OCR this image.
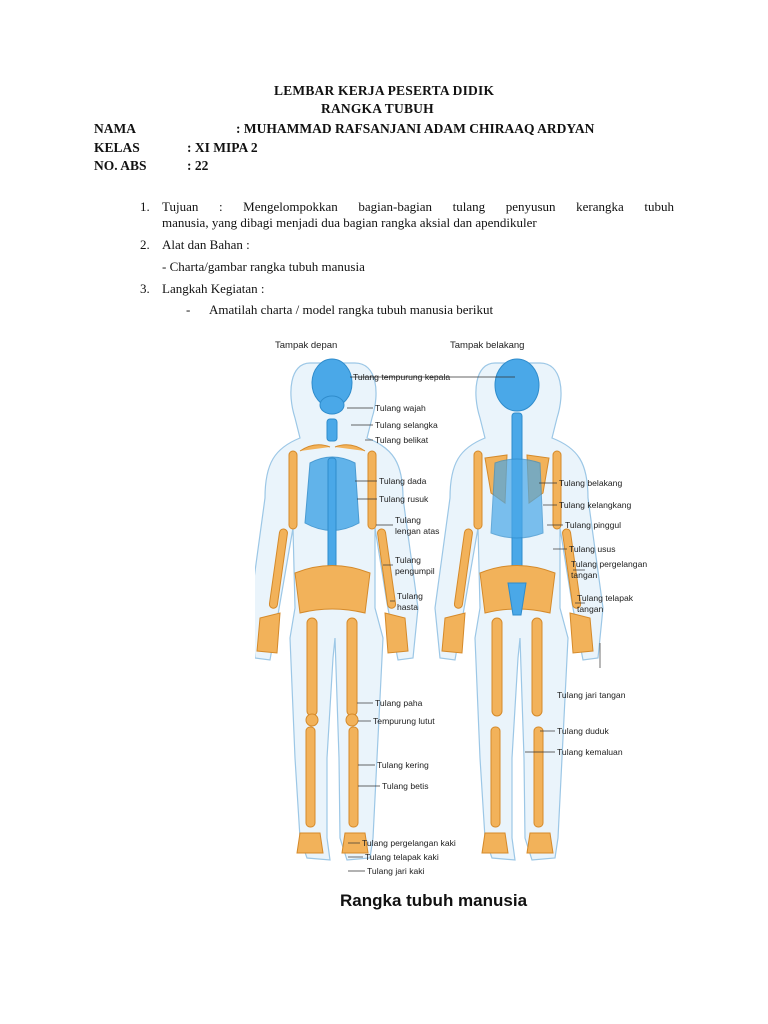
LEMBAR KERJA PESERTA DIDIK
RANGKA TUBUH
NAMA	: MUHAMMAD RAFSANJANI ADAM CHIRAAQ ARDYAN
KELAS	: XI MIPA 2
NO. ABS	: 22
1. Tujuan : Mengelompokkan bagian-bagian tulang penyusun kerangka tubuh
manusia, yang dibagi menjadi dua bagian rangka aksial dan apendikuler
2. Alat dan Bahan :
- Charta/gambar rangka tubuh manusia
3. Langkah Kegiatan :
- Amatilah charta / model rangka tubuh manusia berikut
Tampak depan	Tampak belakang
Tulang tempurung kepala
Tulang wajah
Tulang selangka
Tulang belikat
Tulang dada
Tulang rusuk
Tulang
lengan atas
Tulang
pengumpil
Tulang
hasta
Tulang paha
Tempurung lutut
Tulang kering
Tulang betis
Tulang pergelangan kaki
Tulang telapak kaki
Tulang jari kaki
Tulang belakang
Tulang kelangkang
Tulang pinggul
Tulang usus
Tulang pergelangan
tangan
Tulang telapak
tangan
Tulang jari tangan
Tulang duduk
Tulang kemaluan
Rangka tubuh manusia
